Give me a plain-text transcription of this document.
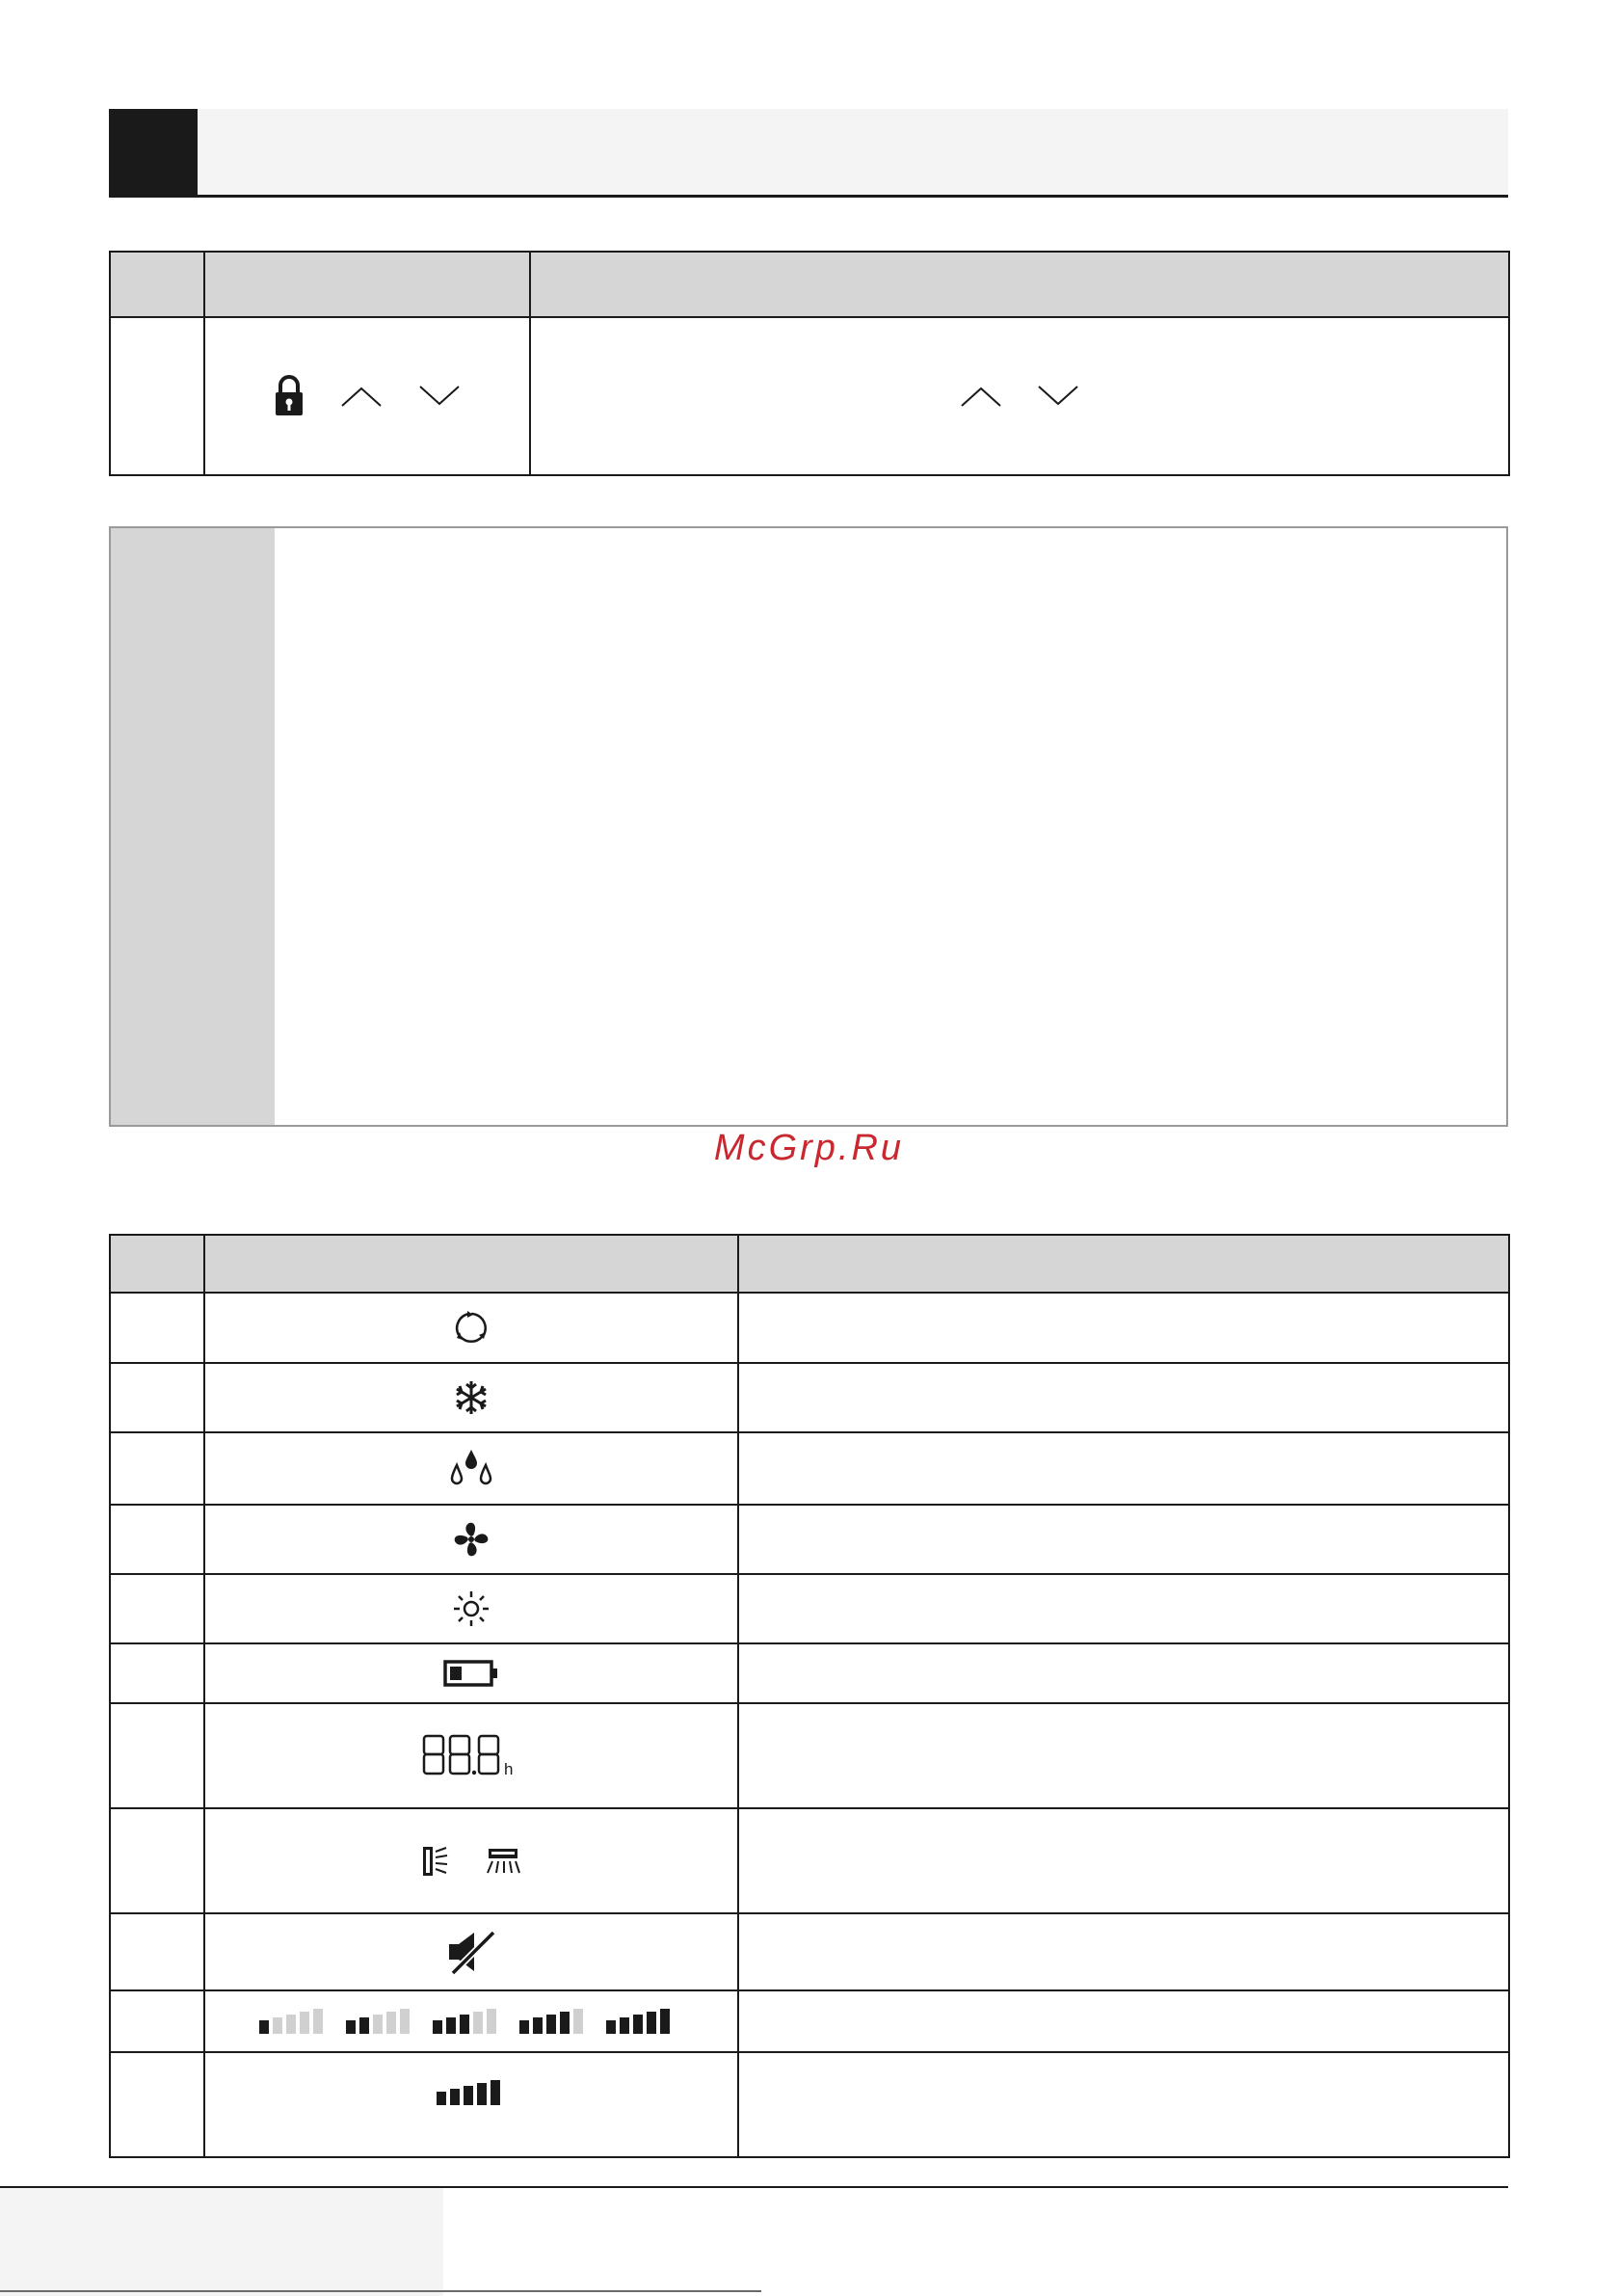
McGrp.Ru

h	
